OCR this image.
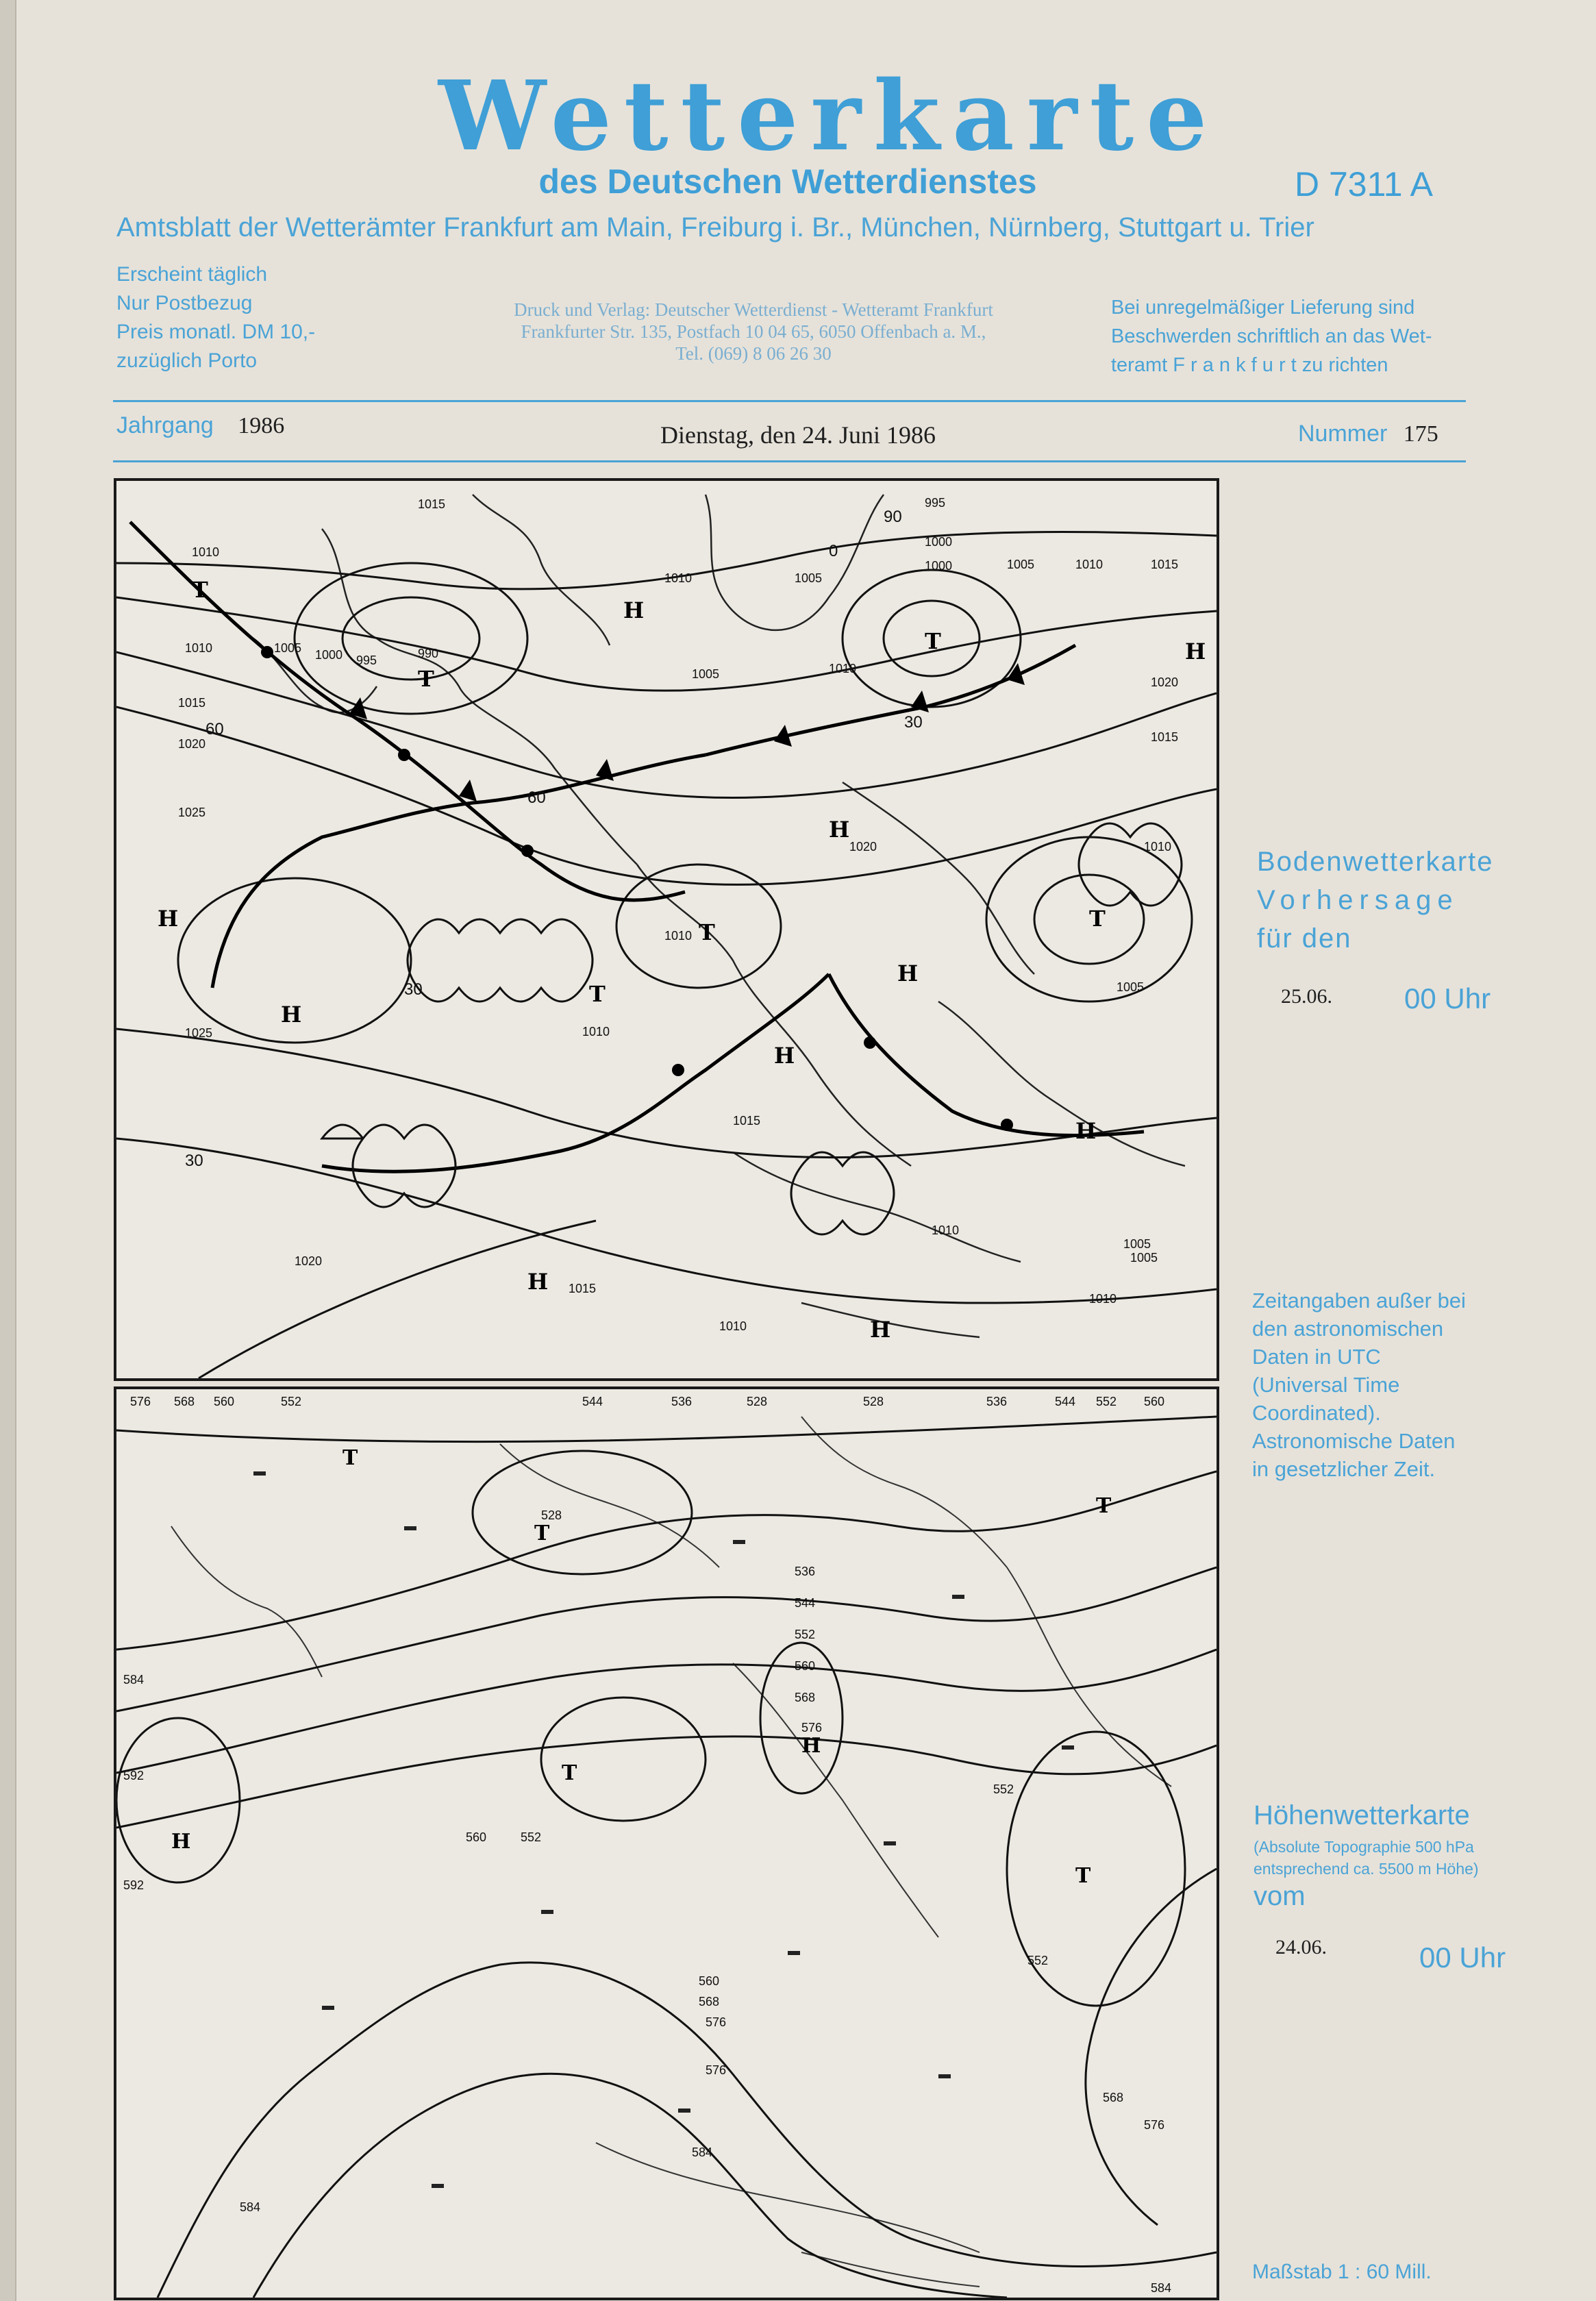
Wetterkarte
des Deutschen Wetterdienstes	D 7311 A
Amtsblatt der Wetterämter Frankfurt am Main, Freiburg i. Br., München, Nürnberg, Stuttgart u. Trier
Erscheint täglich
Nur Postbezug
Preis monatl. DM 10,-
zuzüglich Porto
Druck und Verlag: Deutscher Wetterdienst - Wetteramt Frankfurt
Frankfurter Str. 135, Postfach 10 04 65, 6050 Offenbach a. M.,
Tel. (069) 8 06 26 30
Bei unregelmäßiger Lieferung sind
Beschwerden schriftlich an das Wet-
teramt F r a n k f u r t zu richten
Jahrgang 1986	Dienstag, den 24. Juni 1986	Nummer 175
1015
1010
1010	1005 1000 995	990
1015
1020
1025
1025
1010	1005
1005
1000
995
1000	1005	1010	1015
1020
1015
1010
1005
1020
1010
1015
1010
1005
1010
1020
1015
1010
1010
1005
1010
H
H
H
H
H
H
H
H
H
H
T
T
T
T
T
T
60
30
60
30
90
0
30
Bodenwetterkarte
Vorhersage
für den
25.06.	00 Uhr
Zeitangaben außer bei
den astronomischen
Daten in UTC
(Universal Time
Coordinated).
Astronomische Daten
in gesetzlicher Zeit.
576 568 560	552	544	536	528	528	536	544 552 560
528
536
544
552
560
568
576
584
592
592
584
576
568
560
552
560
552
568
576
584
576
584
552
T
T
T
H
H
T
T
Höhenwetterkarte
(Absolute Topographie 500 hPa
entsprechend ca. 5500 m Höhe)
vom
24.06.	00 Uhr
Maßstab 1 : 60 Mill.
